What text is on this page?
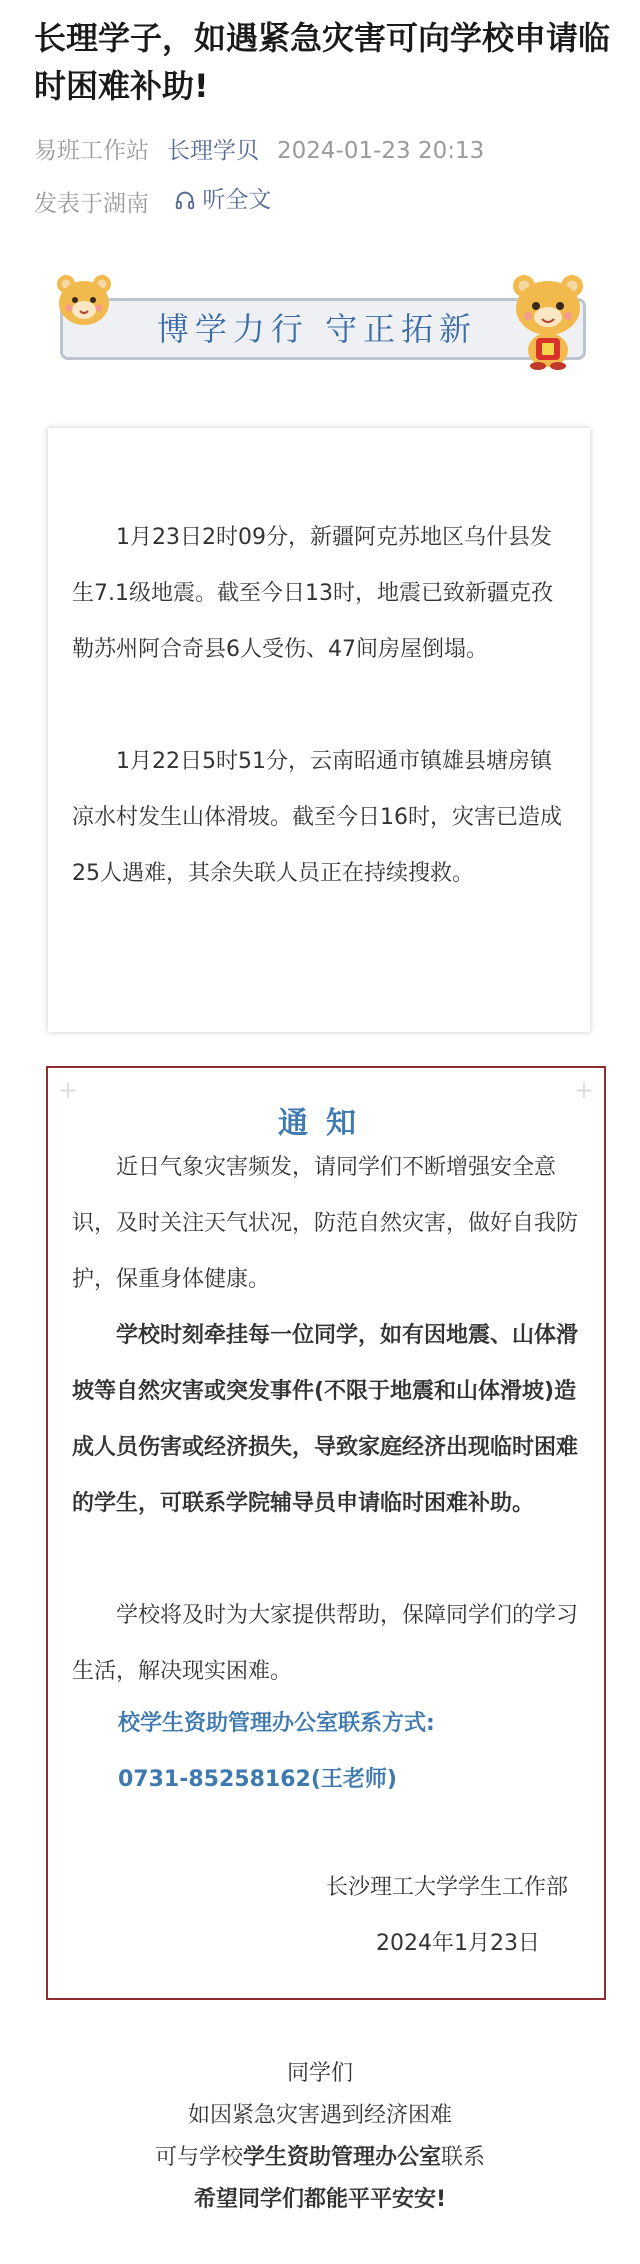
长理学子，如遇紧急灾害可向学校申请临时困难补助!
易班工作站 长理学贝 2024-01-23 20:13
发表于湖南 听全文
博学力行 守正拓新

1月23日2时09分，新疆阿克苏地区乌什县发生7.1级地震。截至今日13时，地震已致新疆克孜勒苏州阿合奇县6人受伤、47间房屋倒塌。

1月22日5时51分，云南昭通市镇雄县塘房镇凉水村发生山体滑坡。截至今日16时，灾害已造成25人遇难，其余失联人员正在持续搜救。

+	+
通知

近日气象灾害频发，请同学们不断增强安全意识，及时关注天气状况，防范自然灾害，做好自我防护，保重身体健康。

学校时刻牵挂每一位同学，如有因地震、山体滑坡等自然灾害或突发事件(不限于地震和山体滑坡)造成人员伤害或经济损失，导致家庭经济出现临时困难的学生，可联系学院辅导员申请临时困难补助。

学校将及时为大家提供帮助，保障同学们的学习生活，解决现实困难。

校学生资助管理办公室联系方式:
0731-85258162(王老师)
长沙理工大学学生工作部
2024年1月23日
同学们
如因紧急灾害遇到经济困难
可与学校学生资助管理办公室联系
希望同学们都能平平安安!
